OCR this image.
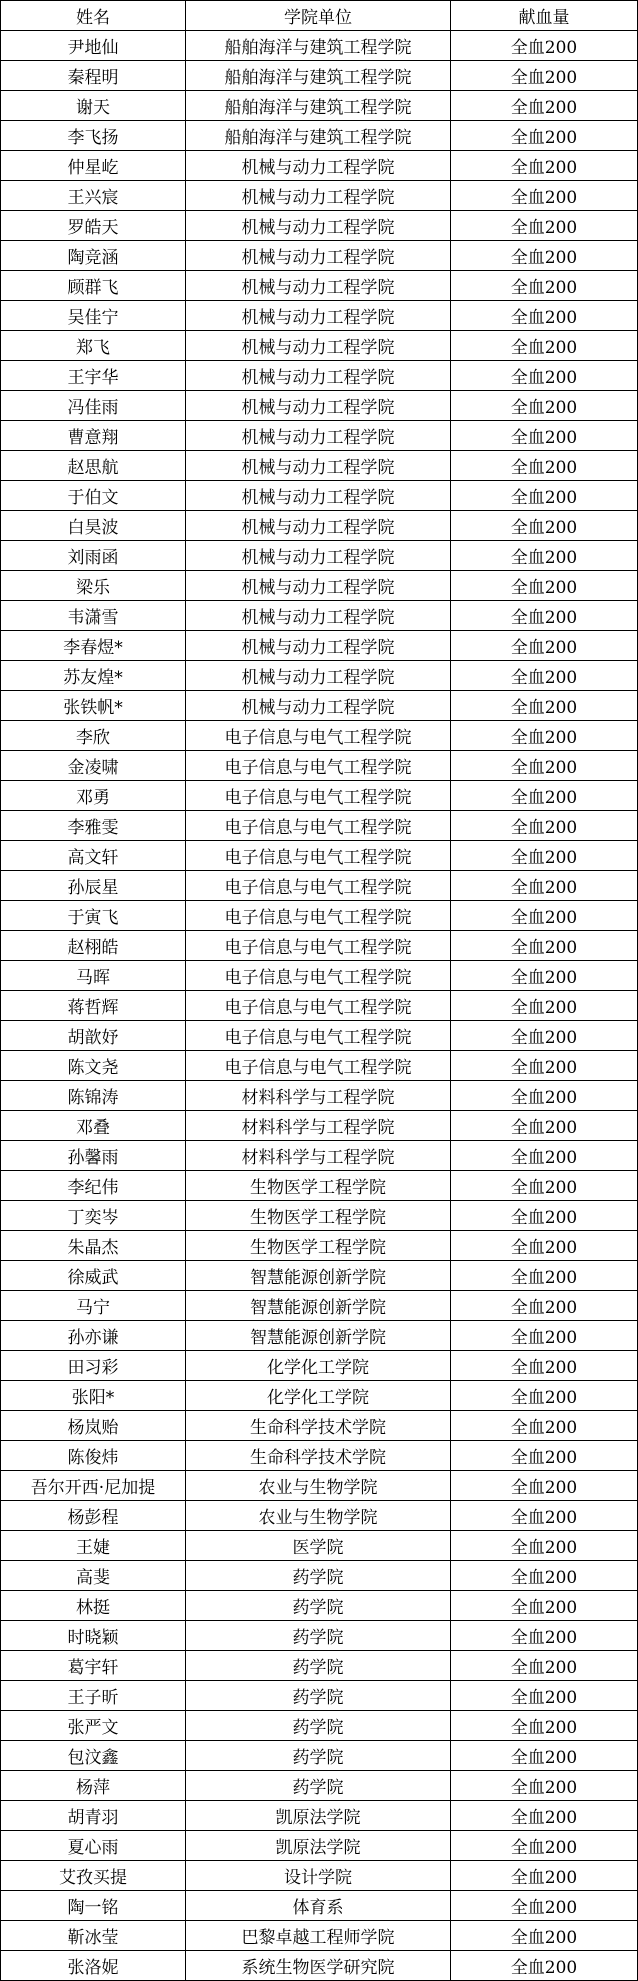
姓名	学院单位	献血量
尹地仙	船舶海洋与建筑工程学院	全血200
秦程明	船舶海洋与建筑工程学院	全血200
谢天	船舶海洋与建筑工程学院	全血200
李飞扬	船舶海洋与建筑工程学院	全血200
仲星屹	机械与动力工程学院	全血200
王兴宸	机械与动力工程学院	全血200
罗皓天	机械与动力工程学院	全血200
陶竞涵	机械与动力工程学院	全血200
顾群飞	机械与动力工程学院	全血200
吴佳宁	机械与动力工程学院	全血200
郑飞	机械与动力工程学院	全血200
王宇华	机械与动力工程学院	全血200
冯佳雨	机械与动力工程学院	全血200
曹意翔	机械与动力工程学院	全血200
赵思航	机械与动力工程学院	全血200
于伯文	机械与动力工程学院	全血200
白昊波	机械与动力工程学院	全血200
刘雨函	机械与动力工程学院	全血200
梁乐	机械与动力工程学院	全血200
韦潇雪	机械与动力工程学院	全血200
李春煜*	机械与动力工程学院	全血200
苏友煌*	机械与动力工程学院	全血200
张铁帆*	机械与动力工程学院	全血200
李欣	电子信息与电气工程学院	全血200
金凌啸	电子信息与电气工程学院	全血200
邓勇	电子信息与电气工程学院	全血200
李雅雯	电子信息与电气工程学院	全血200
高文轩	电子信息与电气工程学院	全血200
孙辰星	电子信息与电气工程学院	全血200
于寅飞	电子信息与电气工程学院	全血200
赵栩皓	电子信息与电气工程学院	全血200
马晖	电子信息与电气工程学院	全血200
蒋哲辉	电子信息与电气工程学院	全血200
胡歆妤	电子信息与电气工程学院	全血200
陈文尧	电子信息与电气工程学院	全血200
陈锦涛	材料科学与工程学院	全血200
邓叠	材料科学与工程学院	全血200
孙馨雨	材料科学与工程学院	全血200
李纪伟	生物医学工程学院	全血200
丁奕岑	生物医学工程学院	全血200
朱晶杰	生物医学工程学院	全血200
徐威武	智慧能源创新学院	全血200
马宁	智慧能源创新学院	全血200
孙亦谦	智慧能源创新学院	全血200
田习彩	化学化工学院	全血200
张阳*	化学化工学院	全血200
杨岚贻	生命科学技术学院	全血200
陈俊炜	生命科学技术学院	全血200
吾尔开西·尼加提	农业与生物学院	全血200
杨彭程	农业与生物学院	全血200
王婕	医学院	全血200
高斐	药学院	全血200
林挺	药学院	全血200
时晓颖	药学院	全血200
葛宇轩	药学院	全血200
王子昕	药学院	全血200
张严文	药学院	全血200
包汶鑫	药学院	全血200
杨萍	药学院	全血200
胡青羽	凯原法学院	全血200
夏心雨	凯原法学院	全血200
艾孜买提	设计学院	全血200
陶一铭	体育系	全血200
靳冰莹	巴黎卓越工程师学院	全血200
张洛妮	系统生物医学研究院	全血200
